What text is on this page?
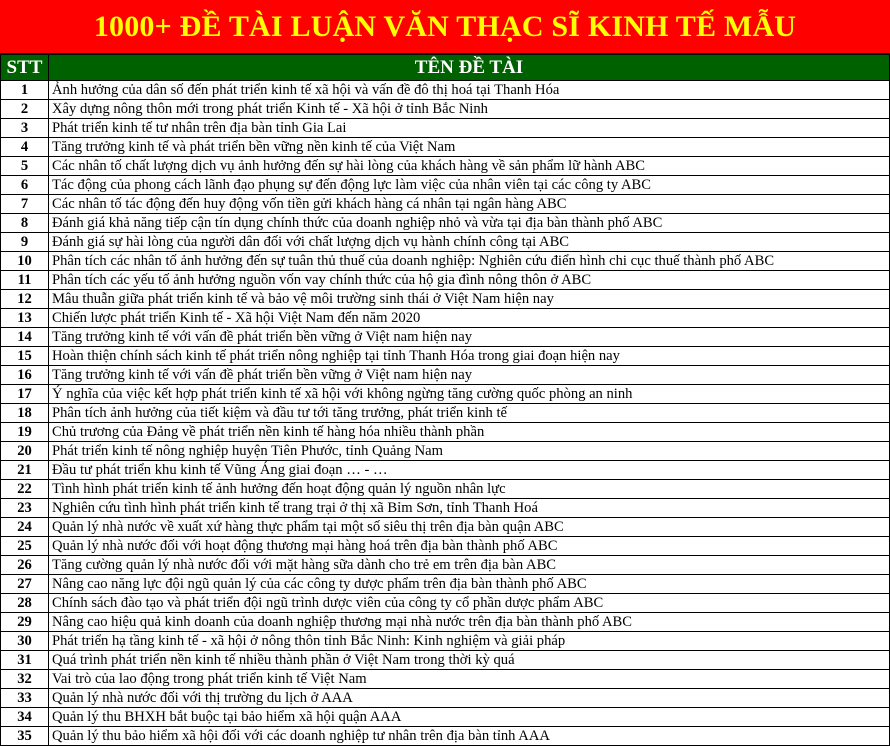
1000+ ĐỀ TÀI LUẬN VĂN THẠC SĨ KINH TẾ MẪU
STT	TÊN ĐỀ TÀI
1	Ảnh hưởng của dân số đến phát triển kinh tế xã hội và vấn đề đô thị hoá tại Thanh Hóa
2	Xây dựng nông thôn mới trong phát triển Kinh tế - Xã hội ở tỉnh Bắc Ninh
3	Phát triển kinh tế tư nhân trên địa bàn tỉnh Gia Lai
4	Tăng trưởng kinh tế và phát triển bền vững nền kinh tế của Việt Nam
5	Các nhân tố chất lượng dịch vụ ảnh hưởng đến sự hài lòng của khách hàng về sản phẩm lữ hành ABC
6	Tác động của phong cách lãnh đạo phụng sự đến động lực làm việc của nhân viên tại các công ty ABC
7	Các nhân tố tác động đến huy động vốn tiền gửi khách hàng cá nhân tại ngân hàng ABC
8	Đánh giá khả năng tiếp cận tín dụng chính thức của doanh nghiệp nhỏ và vừa tại địa bàn thành phố ABC
9	Đánh giá sự hài lòng của người dân đối với chất lượng dịch vụ hành chính công tại ABC
10	Phân tích các nhân tố ảnh hưởng đến sự tuân thủ thuế của doanh nghiệp: Nghiên cứu điển hình chi cục thuế thành phố ABC
11	Phân tích các yếu tố ảnh hưởng nguồn vốn vay chính thức của hộ gia đình nông thôn ở ABC
12	Mâu thuẫn giữa phát triển kinh tế và bảo vệ môi trường sinh thái ở Việt Nam hiện nay
13	Chiến lược phát triển Kinh tế - Xã hội Việt Nam đến năm 2020
14	Tăng trưởng kinh tế với vấn đề phát triển bền vững ở Việt nam hiện nay
15	Hoàn thiện chính sách kinh tế phát triển nông nghiệp tại tỉnh Thanh Hóa trong giai đoạn hiện nay
16	Tăng trưởng kinh tế với vấn đề phát triển bền vững ở Việt nam hiện nay
17	Ý nghĩa của việc kết hợp phát triển kinh tế xã hội với không ngừng tăng cường quốc phòng an ninh
18	Phân tích ảnh hưởng của tiết kiệm và đầu tư tới tăng trưởng, phát triển kinh tế
19	Chủ trương của Đảng về phát triển nền kinh tế hàng hóa nhiều thành phần
20	Phát triển kinh tế nông nghiệp huyện Tiên Phước, tỉnh Quảng Nam
21	Đầu tư phát triển khu kinh tế Vũng Áng giai đoạn … - …
22	Tình hình phát triển kinh tế ảnh hưởng đến hoạt động quản lý nguồn nhân lực
23	Nghiên cứu tình hình phát triển kinh tế trang trại ở thị xã Bỉm Sơn, tỉnh Thanh Hoá
24	Quản lý nhà nước về xuất xứ hàng thực phẩm tại một số siêu thị trên địa bàn quận ABC
25	Quản lý nhà nước đối với hoạt động thương mại hàng hoá trên địa bàn thành phố ABC
26	Tăng cường quản lý nhà nước đối với mặt hàng sữa dành cho trẻ em trên địa bàn ABC
27	Nâng cao năng lực đội ngũ quản lý của các công ty dược phẩm trên địa bàn thành phố ABC
28	Chính sách đào tạo và phát triển đội ngũ trình dược viên của công ty cổ phần dược phẩm ABC
29	Nâng cao hiệu quả kinh doanh của doanh nghiệp thương mại nhà nước trên địa bàn thành phố ABC
30	Phát triển hạ tầng kinh tế - xã hội ở nông thôn tỉnh Bắc Ninh: Kinh nghiệm và giải pháp
31	Quá trình phát triển nền kinh tế nhiều thành phần ở Việt Nam trong thời kỳ quá
32	Vai trò của lao động trong phát triển kinh tế Việt Nam
33	Quản lý nhà nước đối với thị trường du lịch ở AAA
34	Quản lý thu BHXH bắt buộc tại bảo hiểm xã hội quận AAA
35	Quản lý thu bảo hiểm xã hội đối với các doanh nghiệp tư nhân trên địa bàn tỉnh AAA
